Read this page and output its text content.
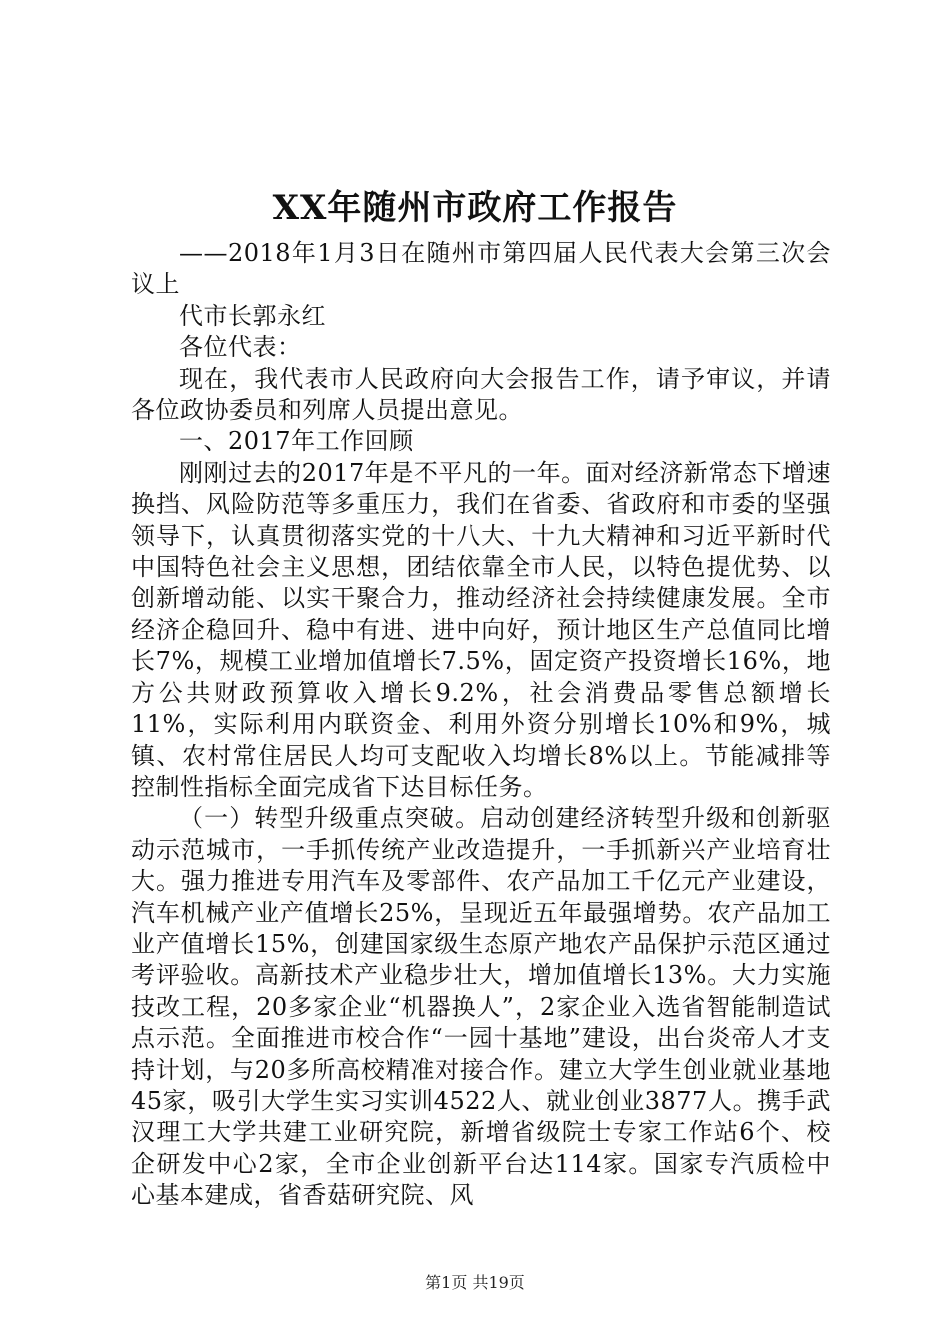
XX年随州市政府工作报告

——2018年1月3日在随州市第四届人民代表大会第三次会议上

代市长郭永红

各位代表：

现在，我代表市人民政府向大会报告工作，请予审议，并请各位政协委员和列席人员提出意见。

一、2017年工作回顾

刚刚过去的2017年是不平凡的一年。面对经济新常态下增速换挡、风险防范等多重压力，我们在省委、省政府和市委的坚强领导下，认真贯彻落实党的十八大、十九大精神和习近平新时代中国特色社会主义思想，团结依靠全市人民，以特色提优势、以创新增动能、以实干聚合力，推动经济社会持续健康发展。全市经济企稳回升、稳中有进、进中向好，预计地区生产总值同比增长7%，规模工业增加值增长7.5%，固定资产投资增长16%，地方公共财政预算收入增长9.2%，社会消费品零售总额增长11%，实际利用内联资金、利用外资分别增长10%和9%，城镇、农村常住居民人均可支配收入均增长8%以上。节能减排等控制性指标全面完成省下达目标任务。

（一）转型升级重点突破。启动创建经济转型升级和创新驱动示范城市，一手抓传统产业改造提升，一手抓新兴产业培育壮大。强力推进专用汽车及零部件、农产品加工千亿元产业建设，汽车机械产业产值增长25%，呈现近五年最强增势。农产品加工业产值增长15%，创建国家级生态原产地农产品保护示范区通过考评验收。高新技术产业稳步壮大，增加值增长13%。大力实施技改工程，20多家企业“机器换人”，2家企业入选省智能制造试点示范。全面推进市校合作“一园十基地”建设，出台炎帝人才支持计划，与20多所高校精准对接合作。建立大学生创业就业基地45家，吸引大学生实习实训4522人、就业创业3877人。携手武汉理工大学共建工业研究院，新增省级院士专家工作站6个、校企研发中心2家，全市企业创新平台达114家。国家专汽质检中心基本建成，省香菇研究院、风

第1页 共19页
